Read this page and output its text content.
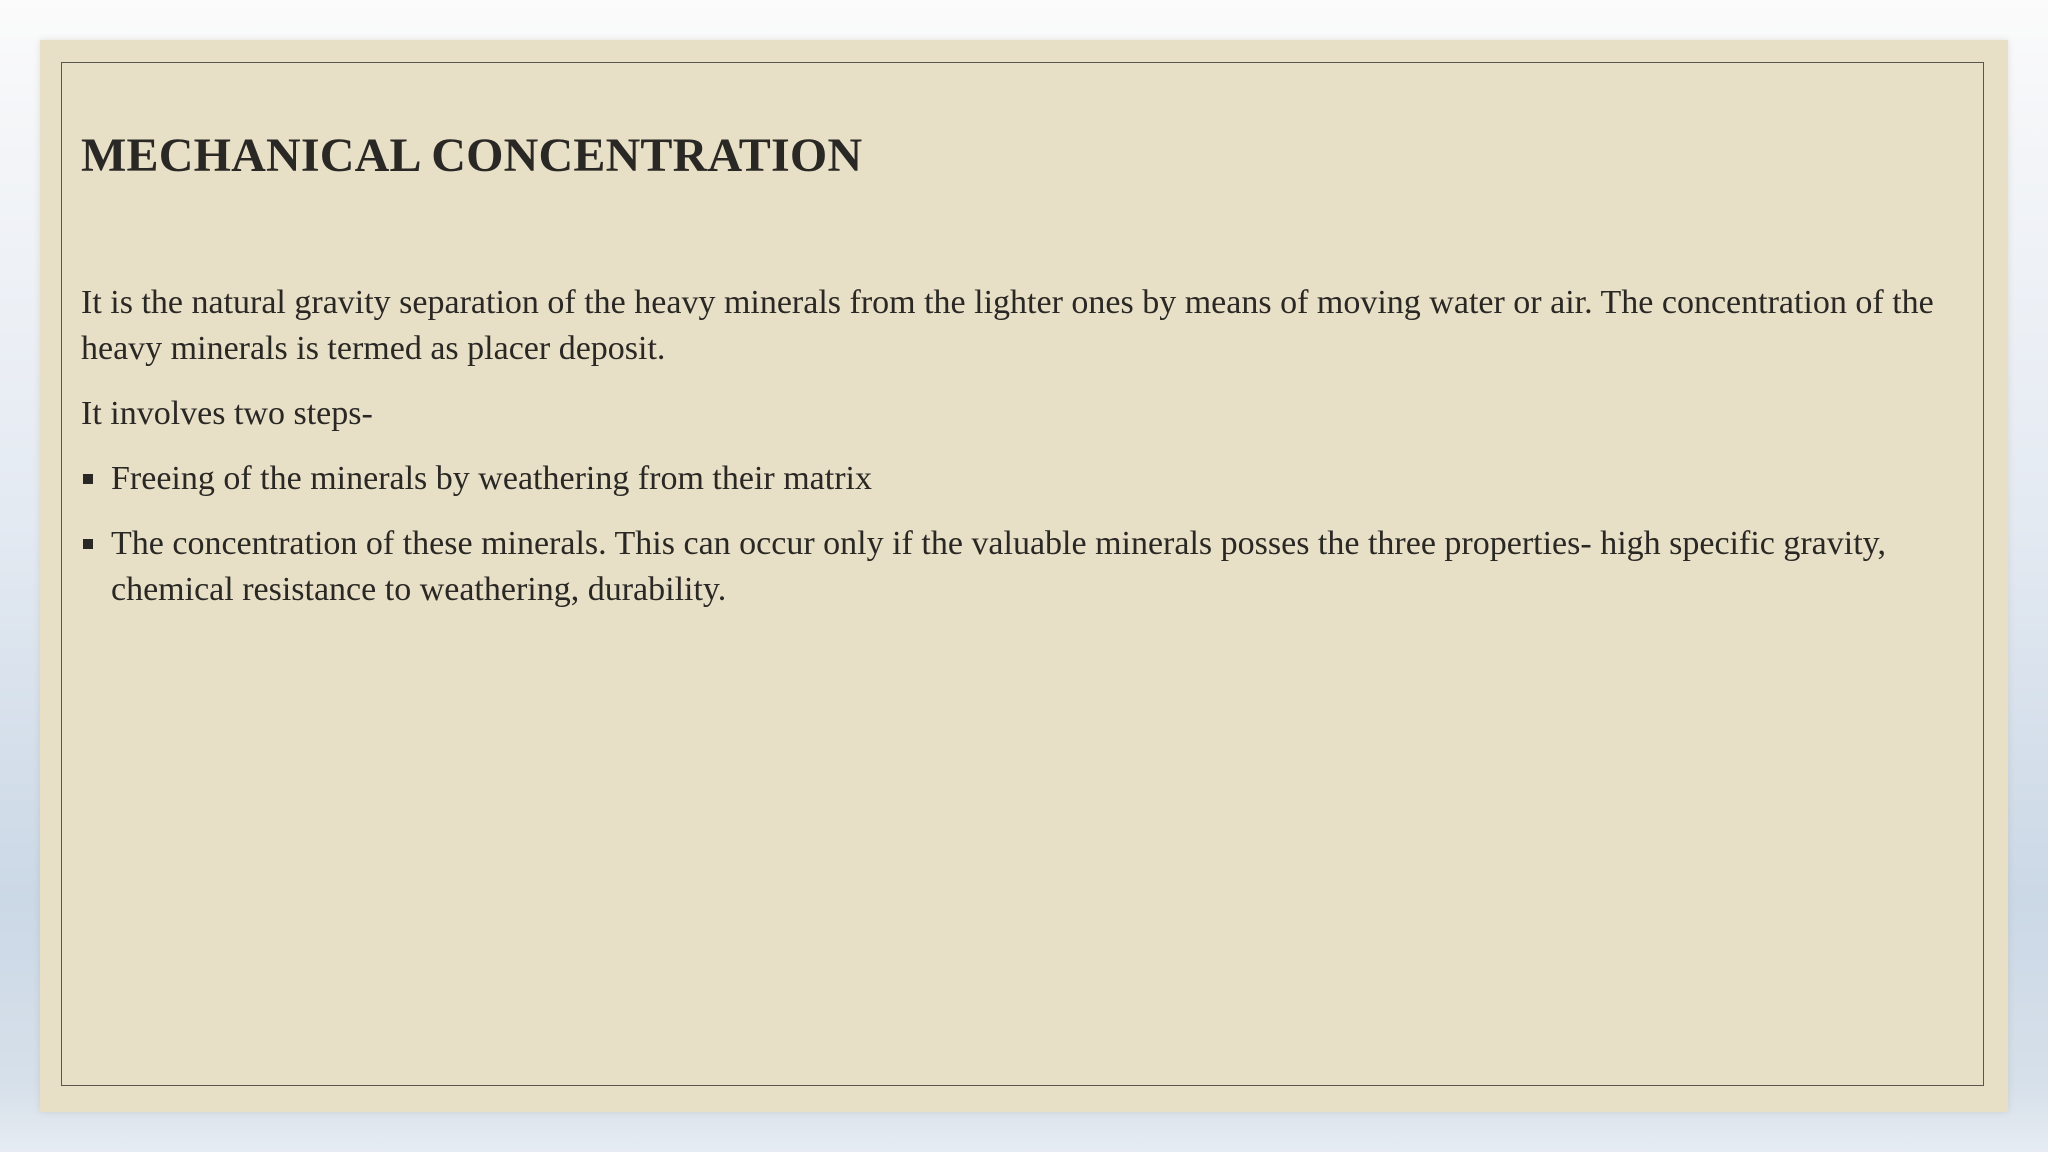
MECHANICAL CONCENTRATION

It is the natural gravity separation of the heavy minerals from the lighter ones by means of moving water or air. The concentration of the heavy minerals is termed as placer deposit.

It involves two steps-

Freeing of the minerals by weathering from their matrix
The concentration of these minerals. This can occur only if the valuable minerals posses the three properties- high specific gravity, chemical resistance to weathering, durability.
